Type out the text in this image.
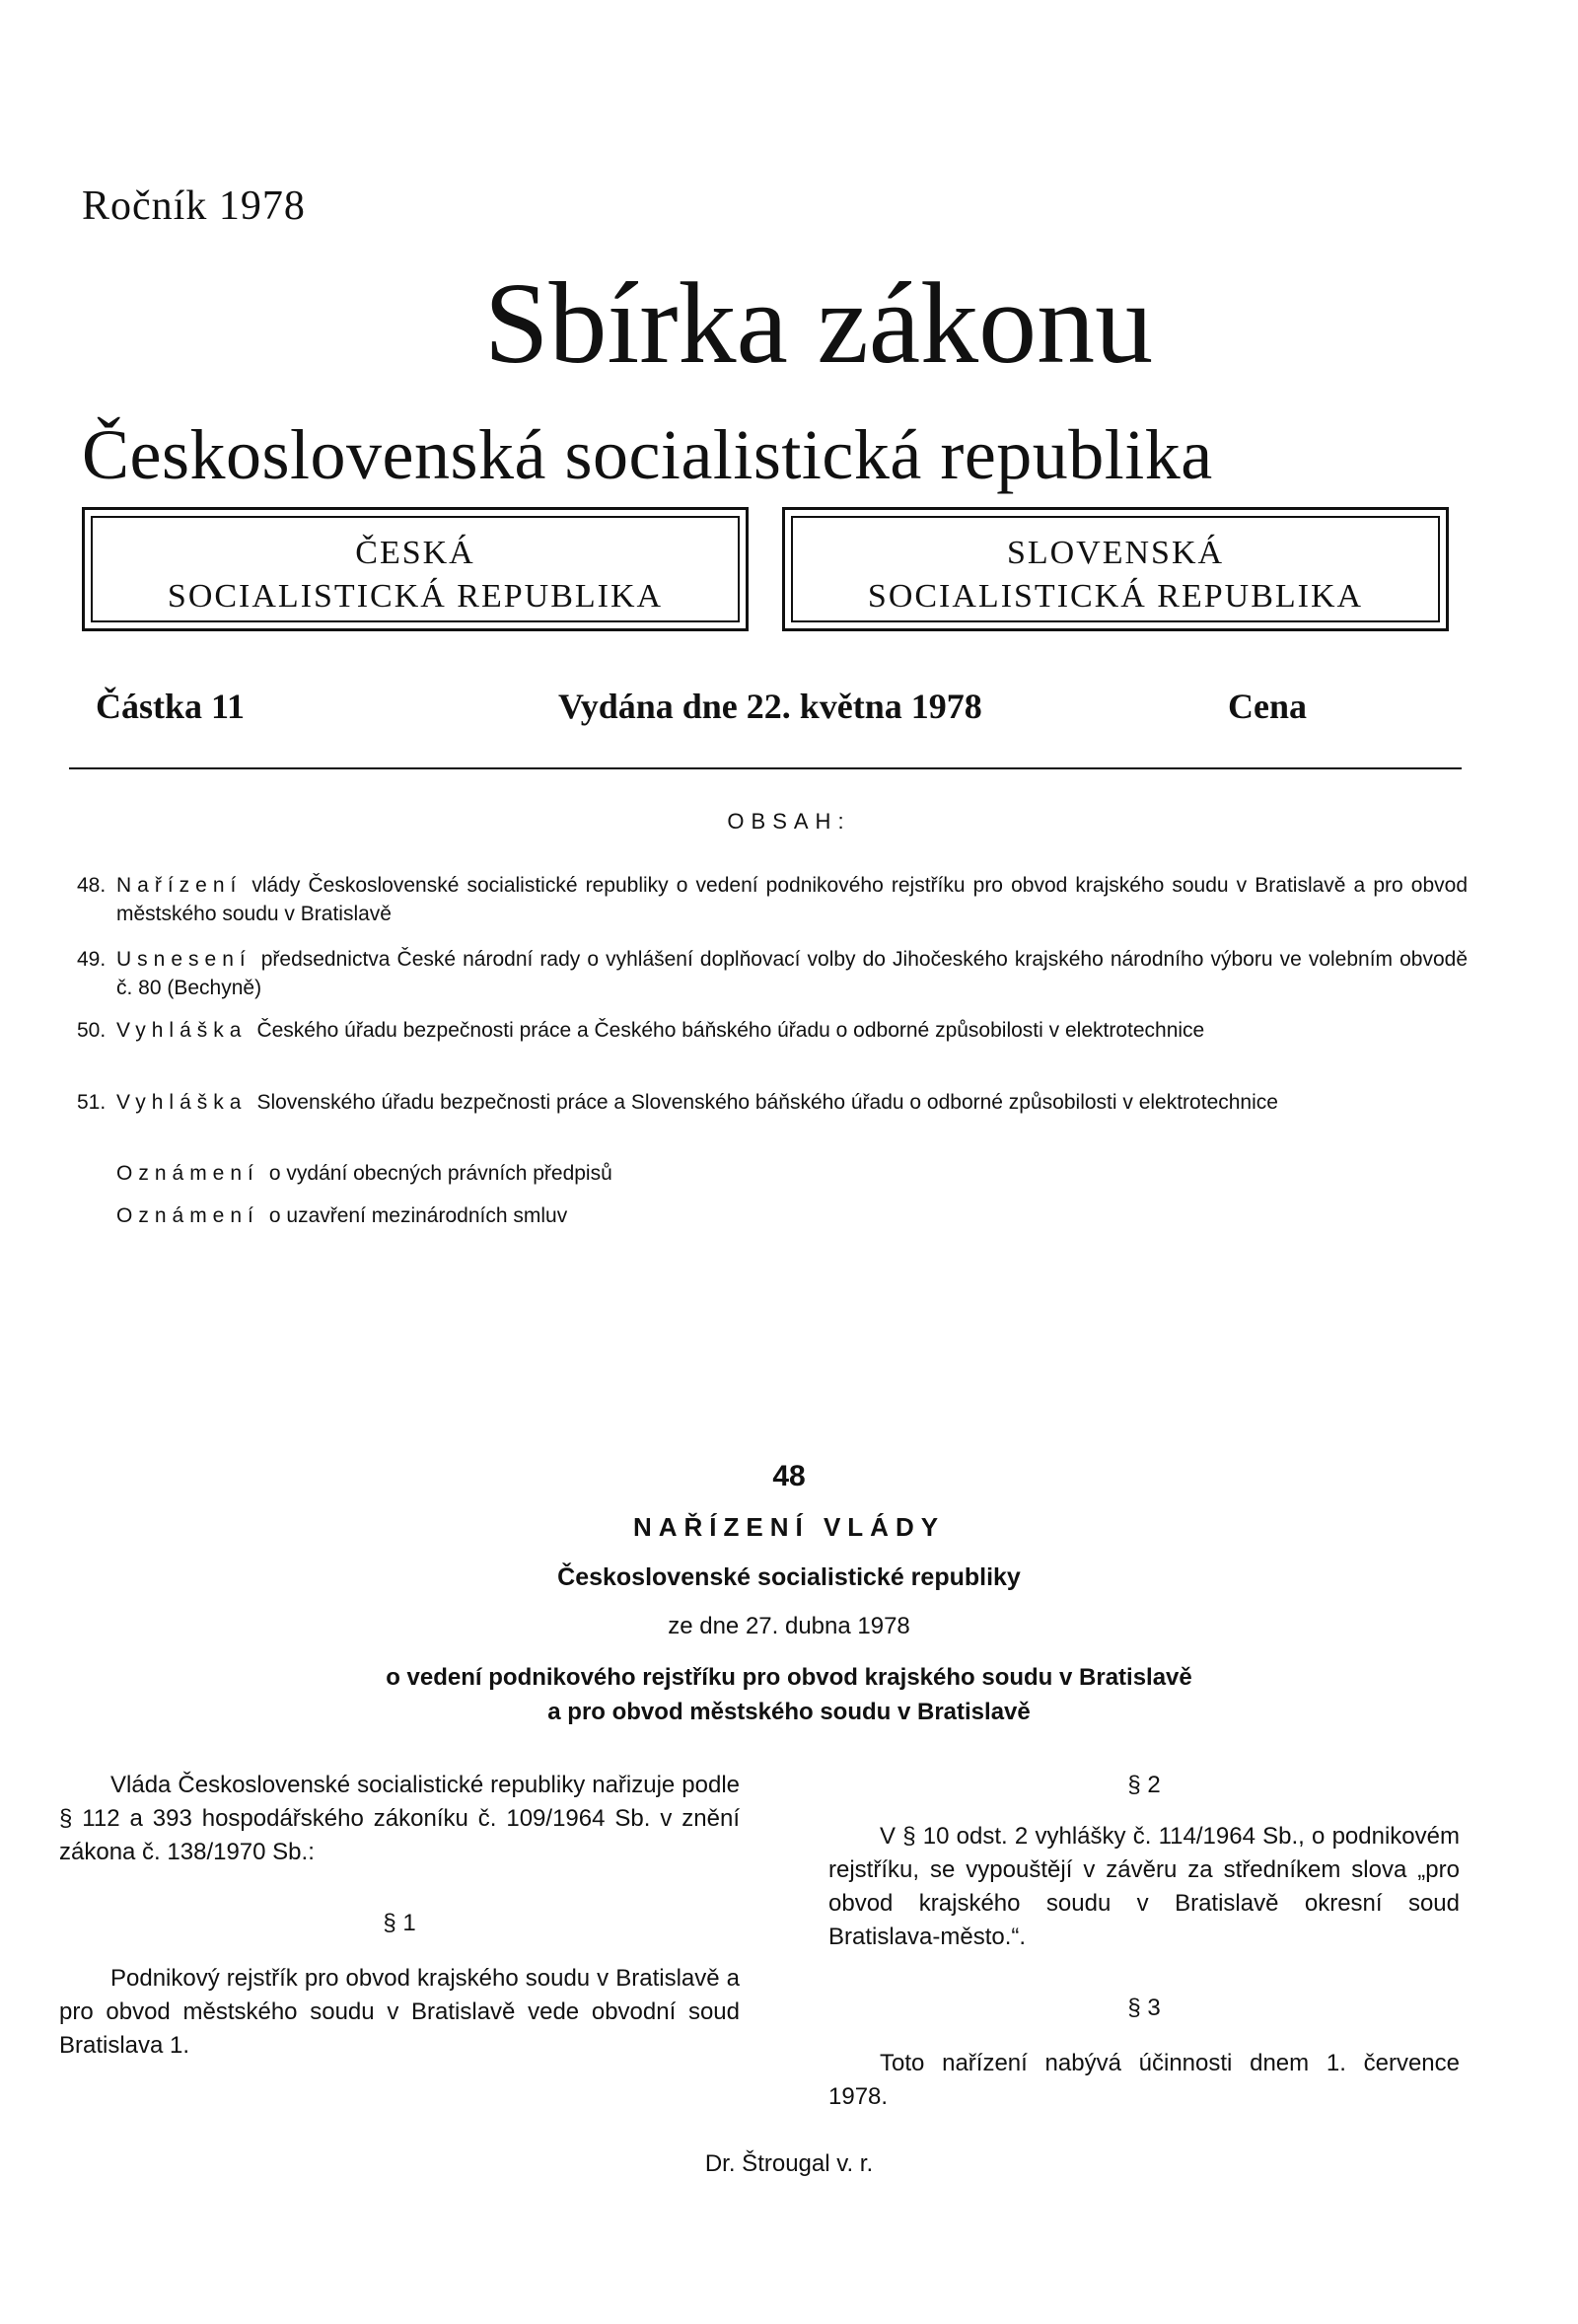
Ročník 1978
Sbírka zákonu
Československá socialistická republika
ČESKÁ
SOCIALISTICKÁ REPUBLIKA
SLOVENSKÁ
SOCIALISTICKÁ REPUBLIKA
Částka 11	Vydána dne 22. května 1978	Cena
OBSAH:
48. Nařízení vlády Československé socialistické republiky o vedení podnikového rejstříku pro obvod krajského soudu v Bratislavě a pro obvod městského soudu v Bratislavě
49. Usnesení předsednictva České národní rady o vyhlášení doplňovací volby do Jihočeského krajského národního výboru ve volebním obvodě č. 80 (Bechyně)
50. Vyhláška Českého úřadu bezpečnosti práce a Českého báňského úřadu o odborné způsobilosti v elektrotechnice
51. Vyhláška Slovenského úřadu bezpečnosti práce a Slovenského báňského úřadu o odborné způsobilosti v elektrotechnice
Oznámení o vydání obecných právních předpisů
Oznámení o uzavření mezinárodních smluv
48
NAŘÍZENÍ VLÁDY
Československé socialistické republiky
ze dne 27. dubna 1978
o vedení podnikového rejstříku pro obvod krajského soudu v Bratislavě
a pro obvod městského soudu v Bratislavě

Vláda Československé socialistické republiky nařizuje podle § 112 a 393 hospodářského zákoníku č. 109/1964 Sb. v znění zákona č. 138/1970 Sb.:

§ 1

Podnikový rejstřík pro obvod krajského soudu v Bratislavě a pro obvod městského soudu v Bratislavě vede obvodní soud Bratislava 1.

§ 2

V § 10 odst. 2 vyhlášky č. 114/1964 Sb., o podnikovém rejstříku, se vypouštějí v závěru za středníkem slova „pro obvod krajského soudu v Bratislavě okresní soud Bratislava-město.“.

§ 3

Toto nařízení nabývá účinnosti dnem 1. července 1978.

Dr. Štrougal v. r.
